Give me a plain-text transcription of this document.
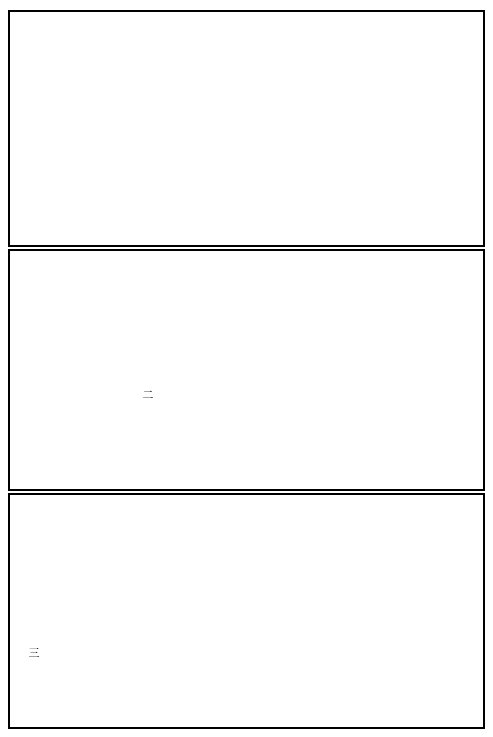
二
三
